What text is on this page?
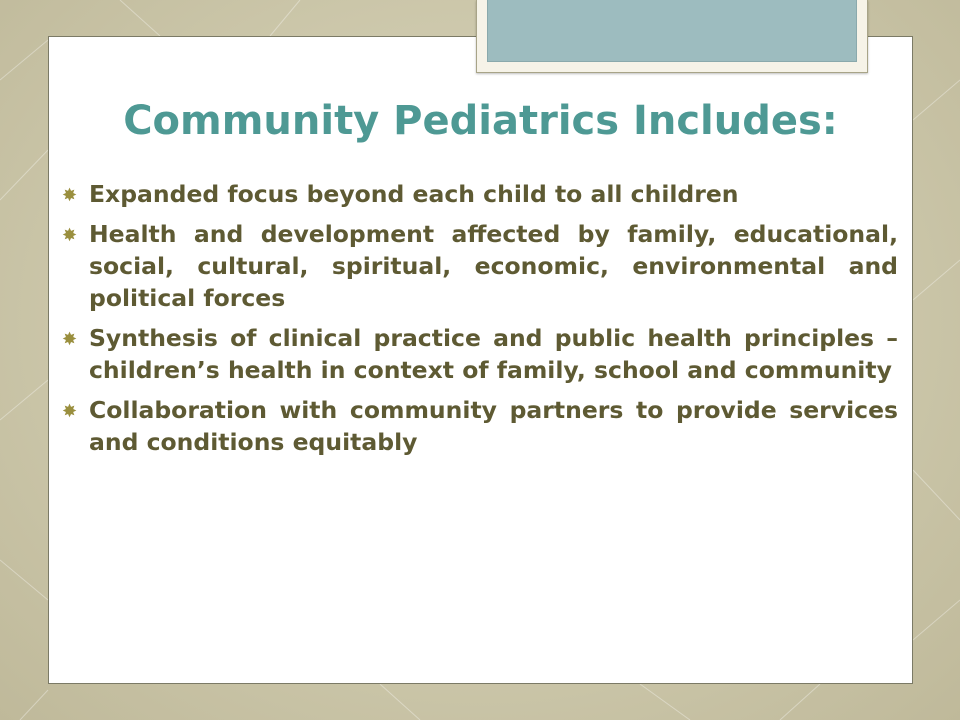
Community Pediatrics Includes:
✸ Expanded focus beyond each child to all children
✸ Health and development affected by family, educational, social, cultural, spiritual, economic, environmental and political forces
✸ Synthesis of clinical practice and public health principles – children’s health in context of family, school and community
✸ Collaboration with community partners to provide services and conditions equitably
